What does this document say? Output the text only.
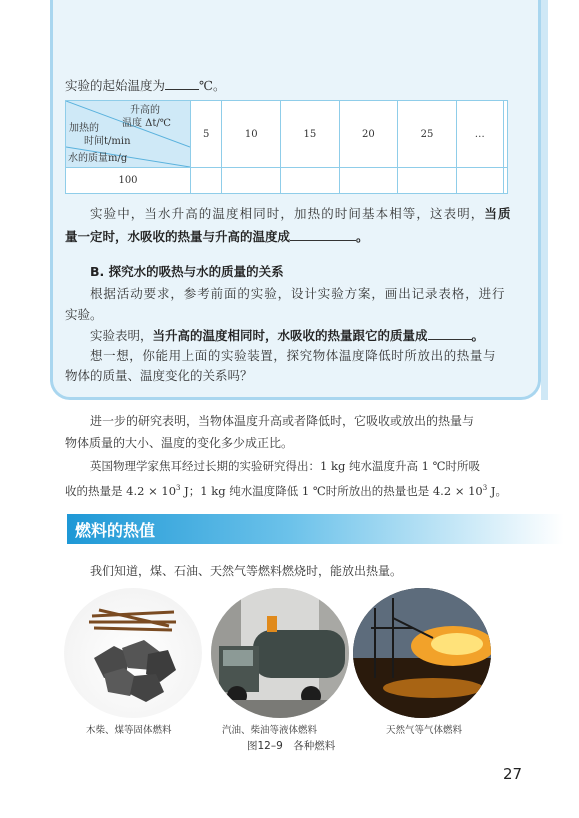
实验的起始温度为	℃。
升高的
温度 Δt/℃
加热的
时间t/min
水的质量m/g	5	10	15	20	25	…	
100							
实验中，当水升高的温度相同时，加热的时间基本相等，这表明，当质
量一定时，水吸收的热量与升高的温度成	。
B. 探究水的吸热与水的质量的关系
根据活动要求，参考前面的实验，设计实验方案，画出记录表格，进行
实验。
实验表明，当升高的温度相同时，水吸收的热量跟它的质量成	。
想一想，你能用上面的实验装置，探究物体温度降低时所放出的热量与
物体的质量、温度变化的关系吗？
进一步的研究表明，当物体温度升高或者降低时，它吸收或放出的热量与
物体质量的大小、温度的变化多少成正比。
英国物理学家焦耳经过长期的实验研究得出：1 kg 纯水温度升高 1 ℃时所吸
收的热量是 $4.2 \times 10^3$ J；1 kg 纯水温度降低 1 ℃时所放出的热量也是 $4.2 \times 10^3$ J。
燃料的热值
我们知道，煤、石油、天然气等燃料燃烧时，能放出热量。
木柴、煤等固体燃料	汽油、柴油等液体燃料	天然气等气体燃料
图12–9　各种燃料
27
